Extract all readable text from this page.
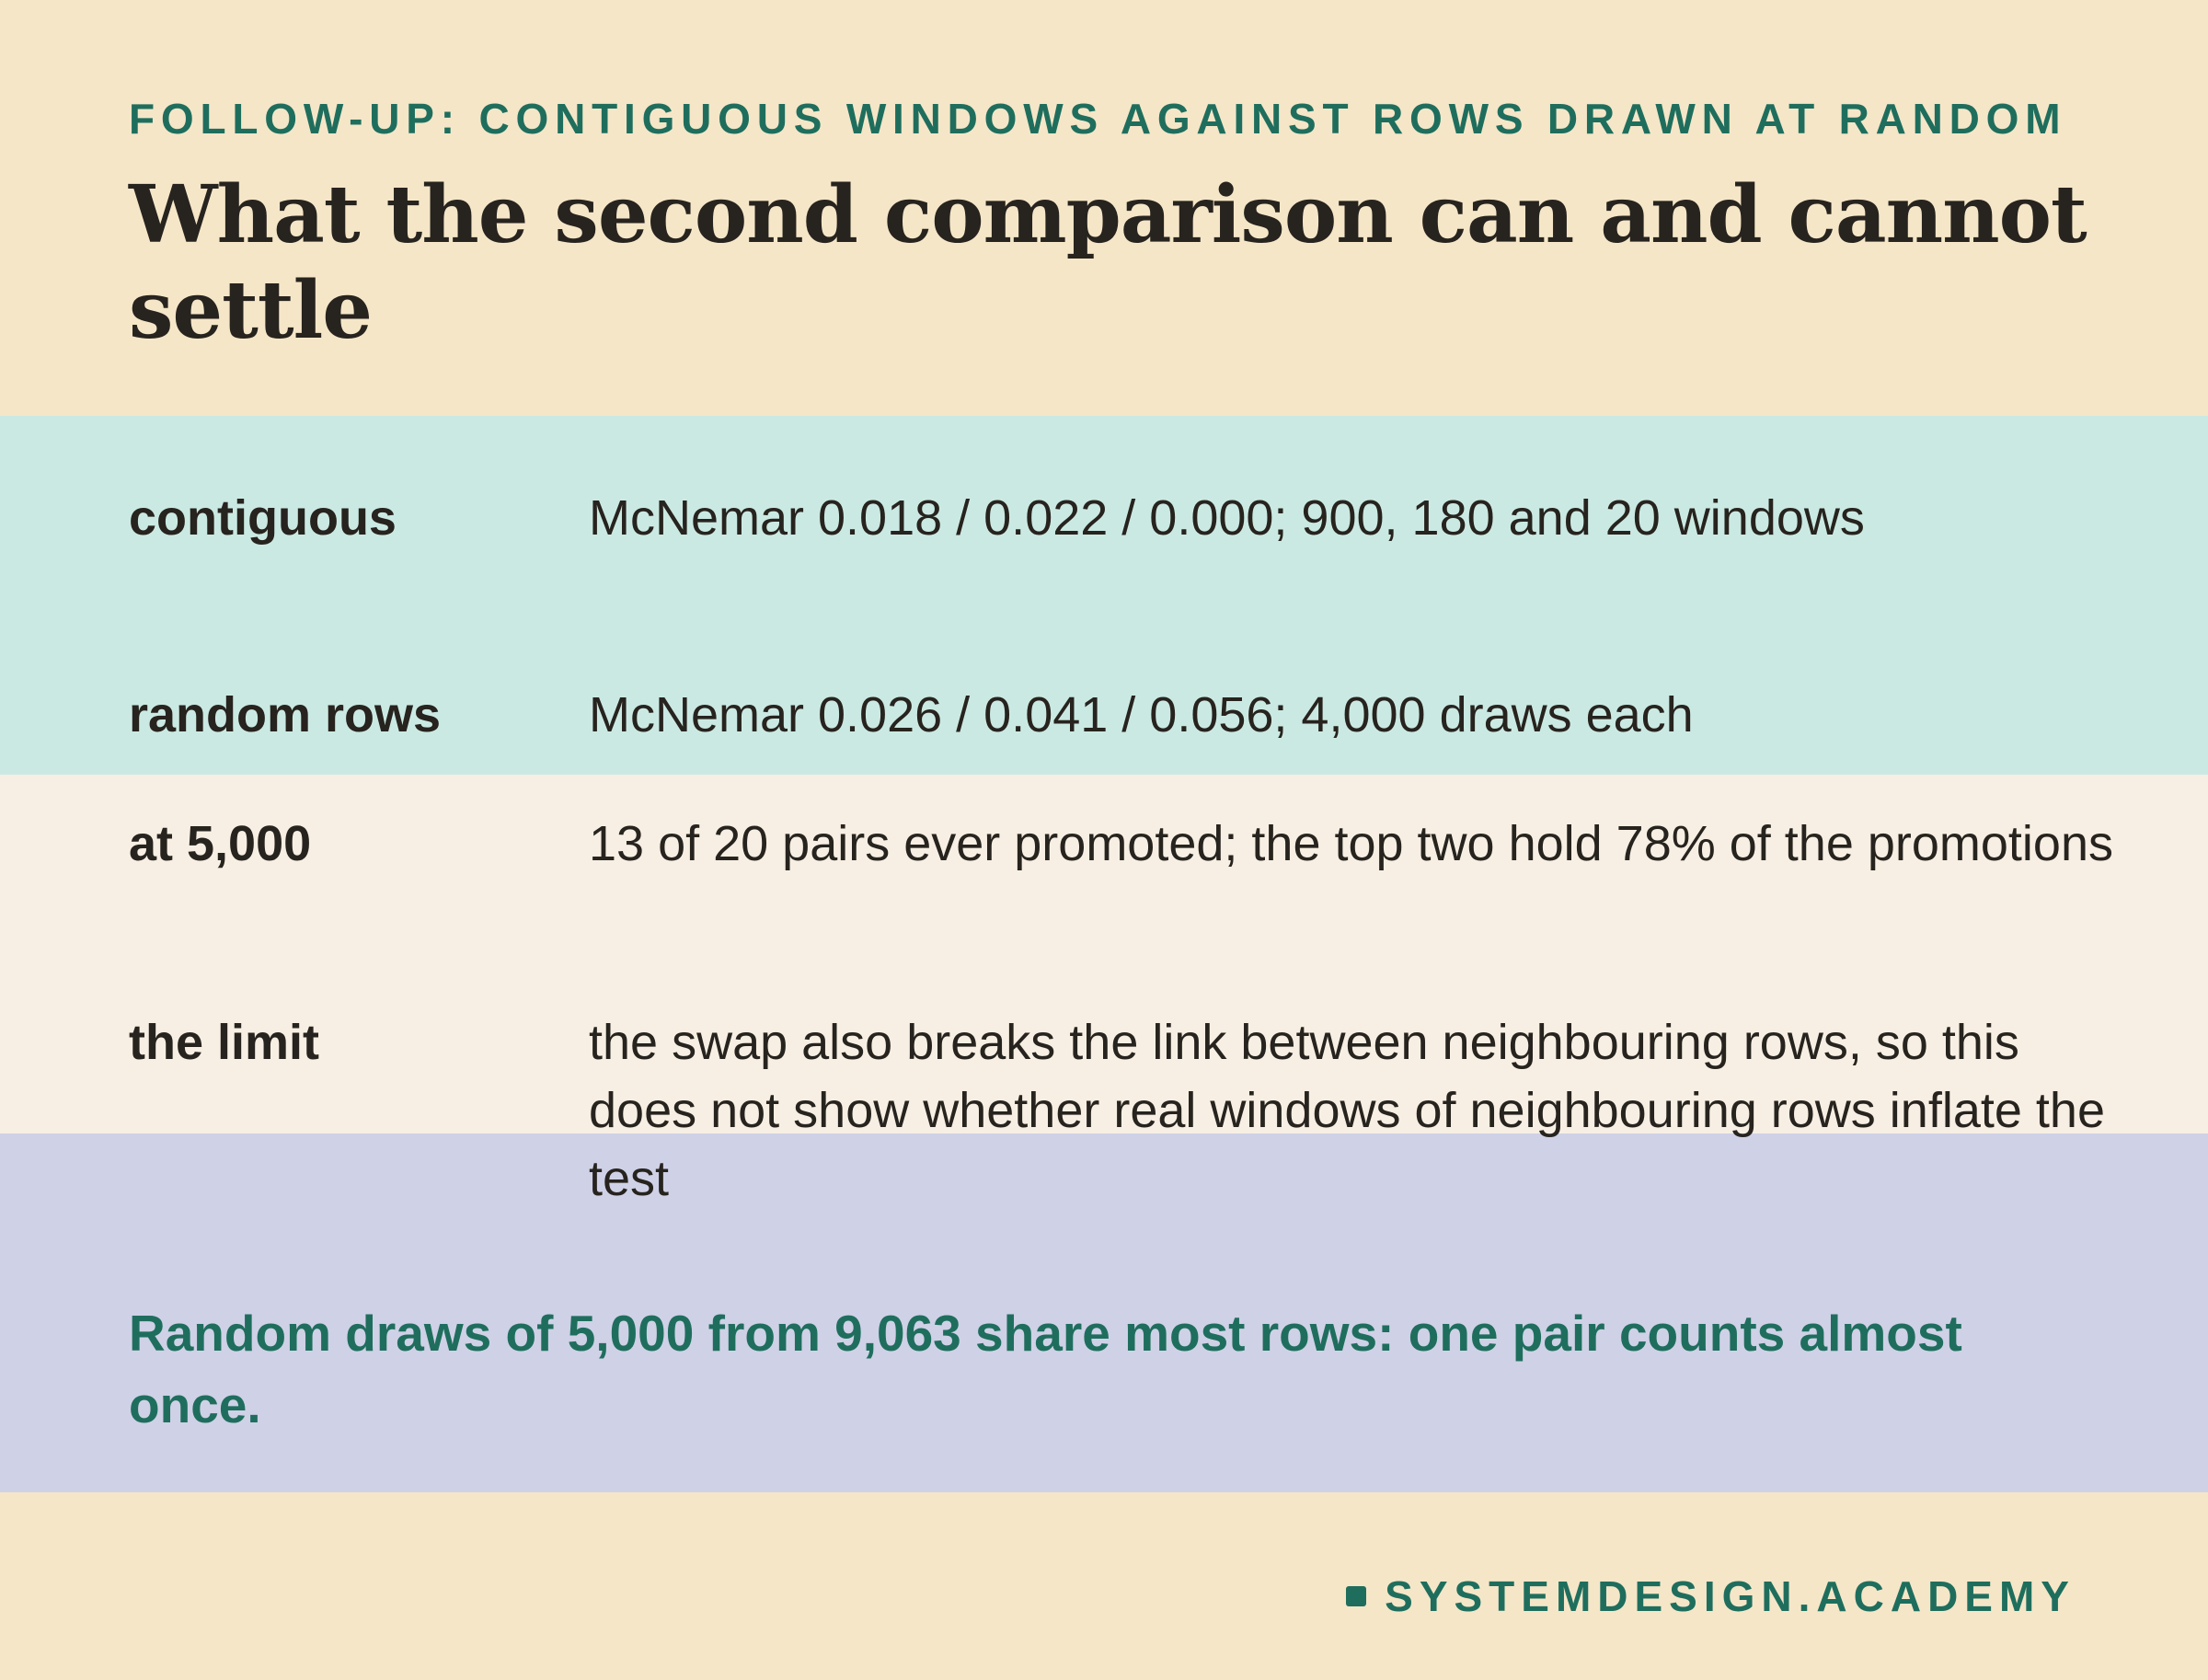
FOLLOW-UP: CONTIGUOUS WINDOWS AGAINST ROWS DRAWN AT RANDOM

What the second comparison can and cannot settle

contiguous	McNemar 0.018 / 0.022 / 0.000; 900, 180 and 20 windows

random rows	McNemar 0.026 / 0.041 / 0.056; 4,000 draws each

at 5,000	13 of 20 pairs ever promoted; the top two hold 78% of the promotions

the limit	the swap also breaks the link between neighbouring rows, so this does not show whether real windows of neighbouring rows inflate the test

Random draws of 5,000 from 9,063 share most rows: one pair counts almost once.

SYSTEMDESIGN.ACADEMY
